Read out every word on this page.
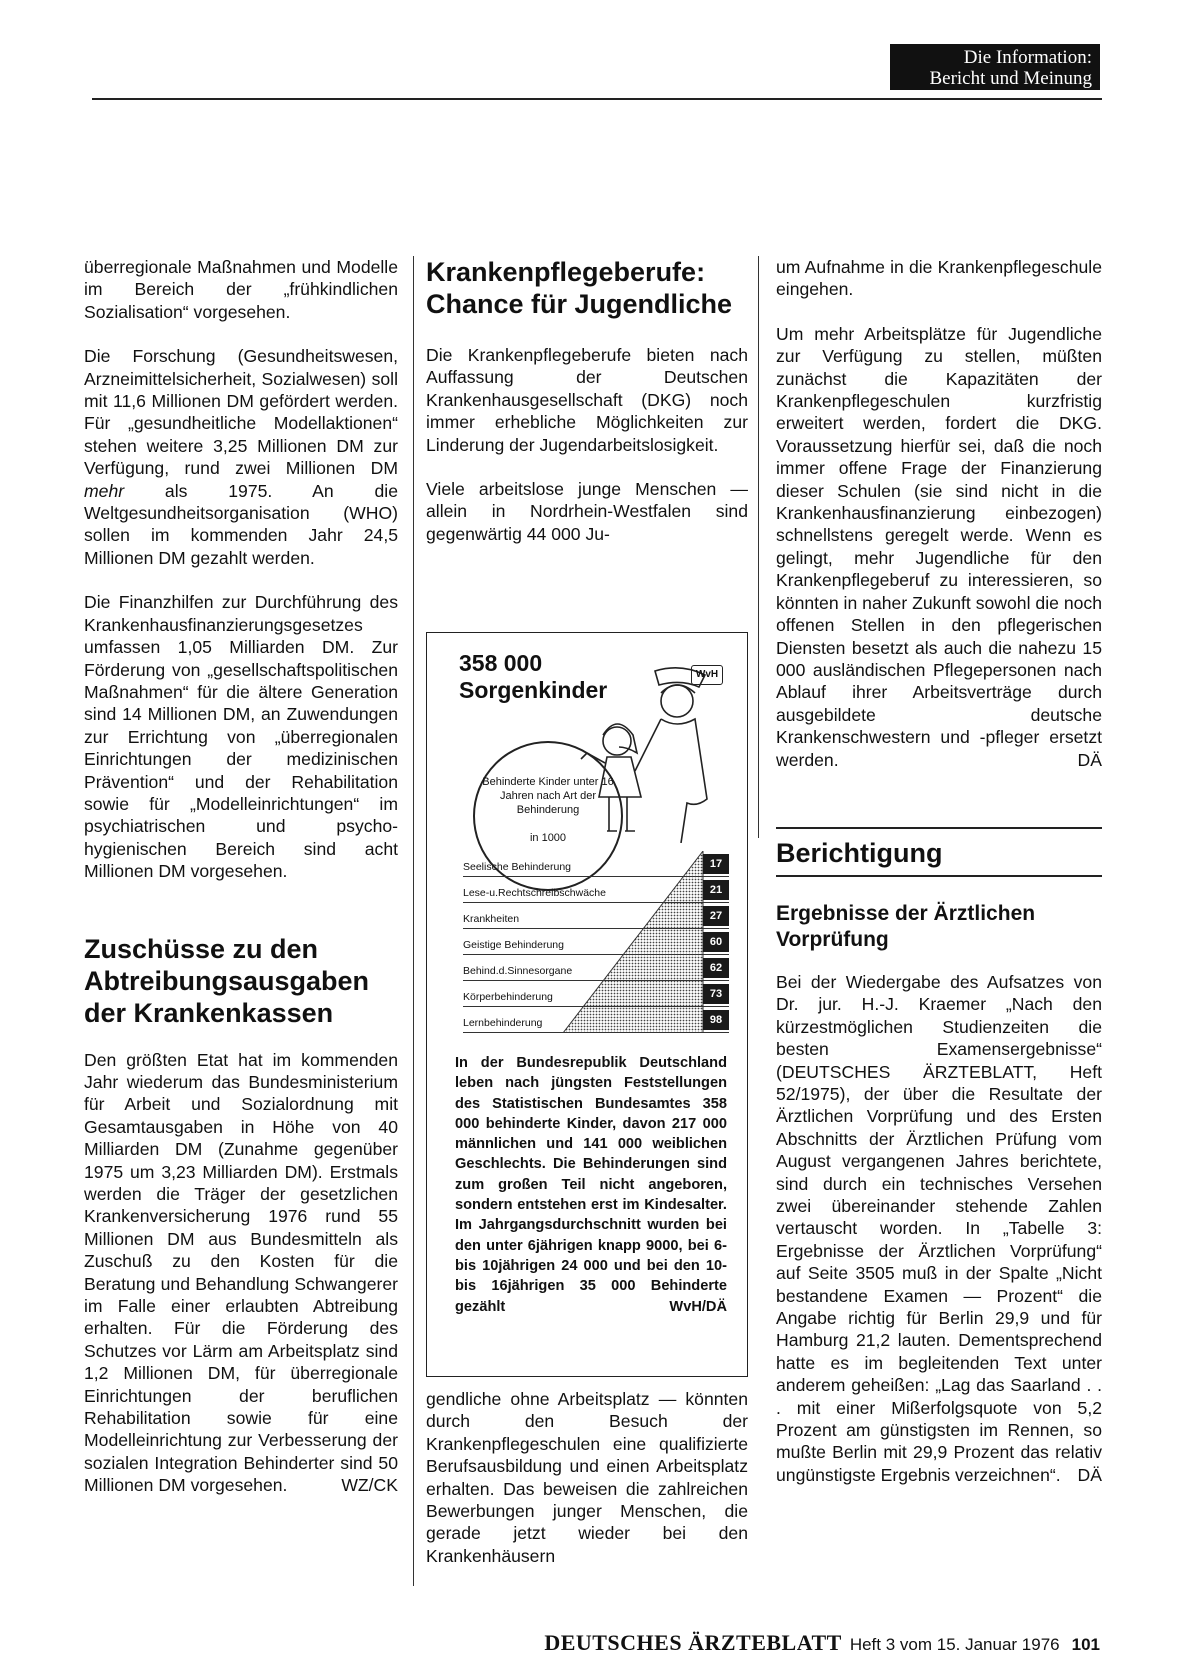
Die Information:
Bericht und Meinung

überregionale Maßnahmen und Modelle im Bereich der „frühkindlichen Sozialisation“ vorgesehen.

Die Forschung (Gesundheitswesen, Arzneimittelsicherheit, Sozialwesen) soll mit 11,6 Millionen DM gefördert werden. Für „gesundheitliche Modellaktionen“ stehen weitere 3,25 Millionen DM zur Verfügung, rund zwei Millionen DM mehr als 1975. An die Weltgesundheitsorganisation (WHO) sollen im kommenden Jahr 24,5 Millionen DM gezahlt werden.

Die Finanzhilfen zur Durchführung des Krankenhausfinanzierungsgesetzes umfassen 1,05 Milliarden DM. Zur Förderung von „gesellschaftspolitischen Maßnahmen“ für die ältere Generation sind 14 Millionen DM, an Zuwendungen zur Errichtung von „überregionalen Einrichtungen der medizinischen Prävention“ und der Rehabilitation sowie für „Modelleinrichtungen“ im psychiatrischen und psycho-hygienischen Bereich sind acht Millionen DM vorgesehen.

Zuschüsse zu den Abtreibungsausgaben der Krankenkassen

Den größten Etat hat im kommenden Jahr wiederum das Bundesministerium für Arbeit und Sozialordnung mit Gesamtausgaben in Höhe von 40 Milliarden DM (Zunahme gegenüber 1975 um 3,23 Milliarden DM). Erstmals werden die Träger der gesetzlichen Krankenversicherung 1976 rund 55 Millionen DM aus Bundesmitteln als Zuschuß zu den Kosten für die Beratung und Behandlung Schwangerer im Falle einer erlaubten Abtreibung erhalten. Für die Förderung des Schutzes vor Lärm am Arbeitsplatz sind 1,2 Millionen DM, für überregionale Einrichtungen der beruflichen Rehabilitation sowie für eine Modelleinrichtung zur Verbesserung der sozialen Integration Behinderter sind 50 Millionen DM vorgesehen.	WZ/CK

Krankenpflegeberufe: Chance für Jugendliche

Die Krankenpflegeberufe bieten nach Auffassung der Deutschen Krankenhausgesellschaft (DKG) noch immer erhebliche Möglichkeiten zur Linderung der Jugendarbeitslosigkeit.

Viele arbeitslose junge Menschen — allein in Nordrhein-Westfalen sind gegenwärtig 44 000 Ju-

358 000
Sorgenkinder
WvH
Behinderte Kinder unter 16 Jahren nach Art der Behinderung
in 1000
Seelische Behinderung	17
Lese-u.Rechtschreibschwäche	21
Krankheiten	27
Geistige Behinderung	60
Behind.d.Sinnesorgane	62
Körperbehinderung	73
Lernbehinderung	98
In der Bundesrepublik Deutschland leben nach jüngsten Feststellungen des Statistischen Bundesamtes 358 000 behinderte Kinder, davon 217 000 männlichen und 141 000 weiblichen Geschlechts. Die Behinderungen sind zum großen Teil nicht angeboren, sondern entstehen erst im Kindesalter. Im Jahrgangsdurchschnitt wurden bei den unter 6jährigen knapp 9000, bei 6- bis 10jährigen 24 000 und bei den 10- bis 16jährigen 35 000 Behinderte gezählt	WvH/DÄ

gendliche ohne Arbeitsplatz — könnten durch den Besuch der Krankenpflegeschulen eine qualifizierte Berufsausbildung und einen Arbeitsplatz erhalten. Das beweisen die zahlreichen Bewerbungen junger Menschen, die gerade jetzt wieder bei den Krankenhäusern

um Aufnahme in die Krankenpflegeschule eingehen.

Um mehr Arbeitsplätze für Jugendliche zur Verfügung zu stellen, müßten zunächst die Kapazitäten der Krankenpflegeschulen kurzfristig erweitert werden, fordert die DKG. Voraussetzung hierfür sei, daß die noch immer offene Frage der Finanzierung dieser Schulen (sie sind nicht in die Krankenhausfinanzierung einbezogen) schnellstens geregelt werde. Wenn es gelingt, mehr Jugendliche für den Krankenpflegeberuf zu interessieren, so könnten in naher Zukunft sowohl die noch offenen Stellen in den pflegerischen Diensten besetzt als auch die nahezu 15 000 ausländischen Pflegepersonen nach Ablauf ihrer Arbeitsverträge durch ausgebildete deutsche Krankenschwestern und -pfleger ersetzt werden.	DÄ

Berichtigung
Ergebnisse der Ärztlichen Vorprüfung

Bei der Wiedergabe des Aufsatzes von Dr. jur. H.-J. Kraemer „Nach den kürzestmöglichen Studienzeiten die besten Examensergebnisse“ (DEUTSCHES ÄRZTEBLATT, Heft 52/1975), der über die Resultate der Ärztlichen Vorprüfung und des Ersten Abschnitts der Ärztlichen Prüfung vom August vergangenen Jahres berichtete, sind durch ein technisches Versehen zwei übereinander stehende Zahlen vertauscht worden. In „Tabelle 3: Ergebnisse der Ärztlichen Vorprüfung“ auf Seite 3505 muß in der Spalte „Nicht bestandene Examen — Prozent“ die Angabe richtig für Berlin 29,9 und für Hamburg 21,2 lauten. Dementsprechend hatte es im begleitenden Text unter anderem geheißen: „Lag das Saarland . . . mit einer Mißerfolgsquote von 5,2 Prozent am günstigsten im Rennen, so mußte Berlin mit 29,9 Prozent das relativ ungünstigste Ergebnis verzeichnen“. DÄ

DEUTSCHES ÄRZTEBLATT Heft 3 vom 15. Januar 1976 101
